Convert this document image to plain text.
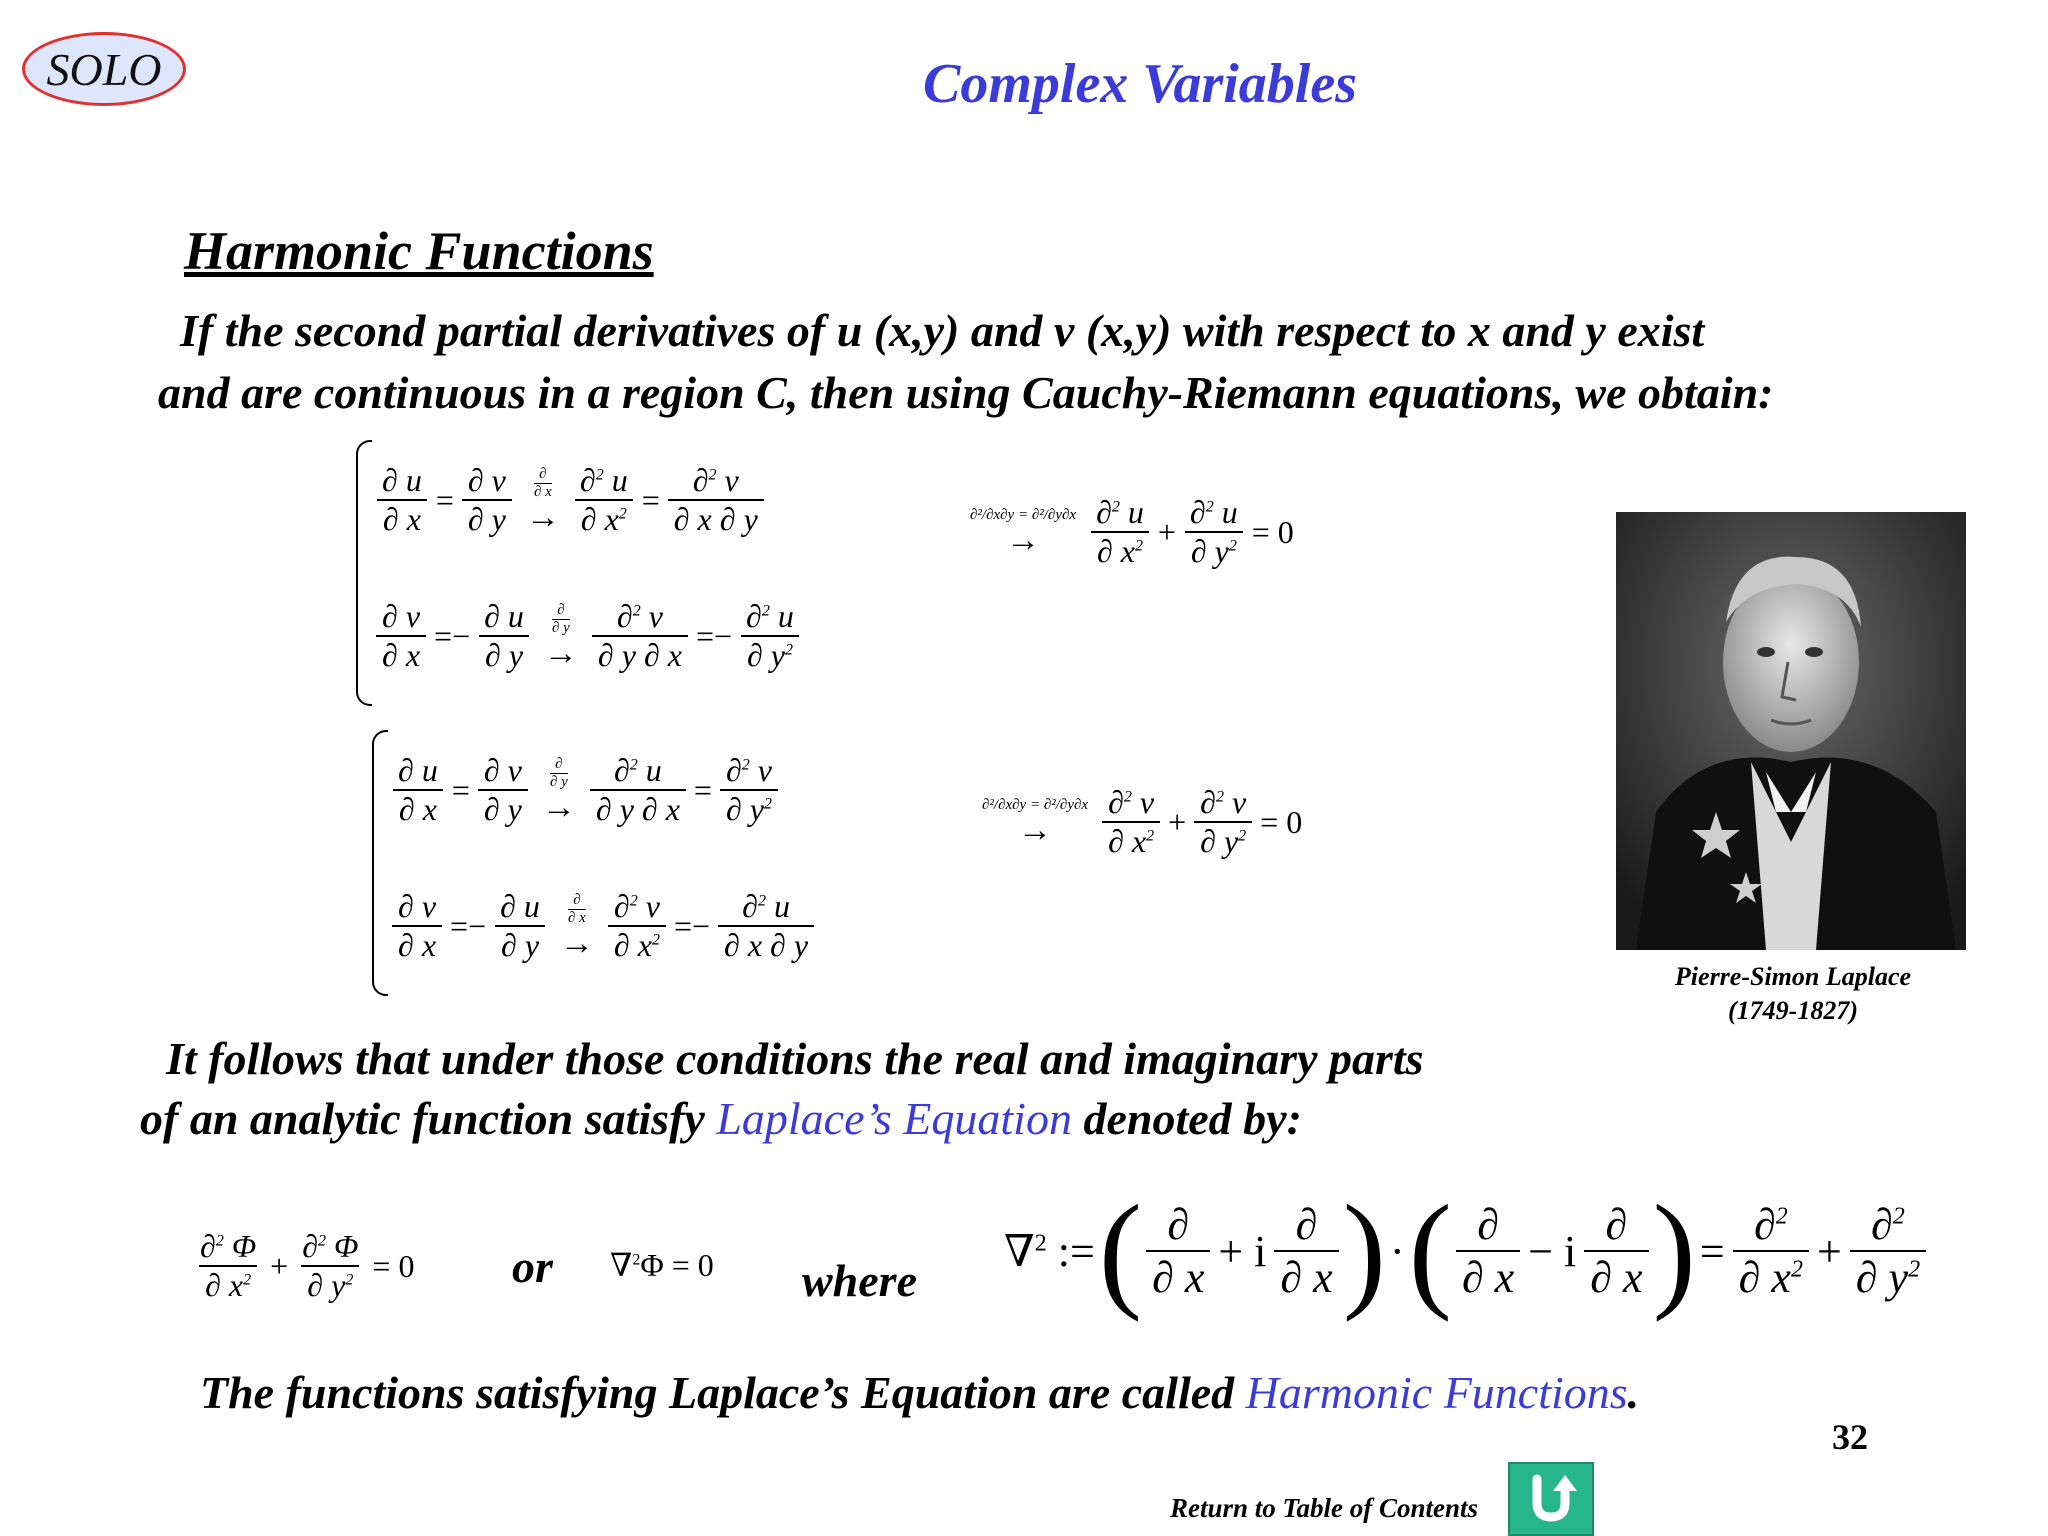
SOLO	Complex Variables
Harmonic Functions
If the second partial derivatives of u (x,y) and v (x,y) with respect to x and y exist
and are continuous in a region C, then using Cauchy-Riemann equations, we obtain:
$\frac{\partial u}{\partial x} = \frac{\partial v}{\partial y}$ ∂
∂ x
→ $\frac{\partial^2 u}{\partial x^2} = \frac{\partial^2 v}{\partial x \partial y}$
$\frac{\partial v}{\partial x} =- \frac{\partial u}{\partial y}$ ∂
∂ y
→ $\frac{\partial^2 v}{\partial y \partial x} =- \frac{\partial^2 u}{\partial y^2}$
∂²/∂x∂y = ∂²/∂y∂x
→ $\frac{\partial^2 u}{\partial x^2} + \frac{\partial^2 u}{\partial y^2} = 0$
$\frac{\partial u}{\partial x} = \frac{\partial v}{\partial y}$ ∂
∂ y
→ $\frac{\partial^2 u}{\partial y \partial x} = \frac{\partial^2 v}{\partial y^2}$
$\frac{\partial v}{\partial x} =- \frac{\partial u}{\partial y}$ ∂
∂ x
→ $\frac{\partial^2 v}{\partial x^2} =- \frac{\partial^2 u}{\partial x \partial y}$
∂²/∂x∂y = ∂²/∂y∂x
→ $\frac{\partial^2 v}{\partial x^2} + \frac{\partial^2 v}{\partial y^2} = 0$
Pierre-Simon Laplace
(1749-1827)
It follows that under those conditions the real and imaginary parts
of an analytic function satisfy Laplace’s Equation denoted by:
$\frac{\partial^2 \Phi}{\partial x^2} + \frac{\partial^2 \Phi}{\partial y^2} = 0$ or ∇$^2$Φ = 0 where
∇$^2$ := ( $\frac{\partial}{\partial x} + i \frac{\partial}{\partial x}$ ) · ( $\frac{\partial}{\partial x} - i \frac{\partial}{\partial x}$ ) = $\frac{\partial^2}{\partial x^2} + \frac{\partial^2}{\partial y^2}$
The functions satisfying Laplace’s Equation are called Harmonic Functions.
32
Return to Table of Contents
